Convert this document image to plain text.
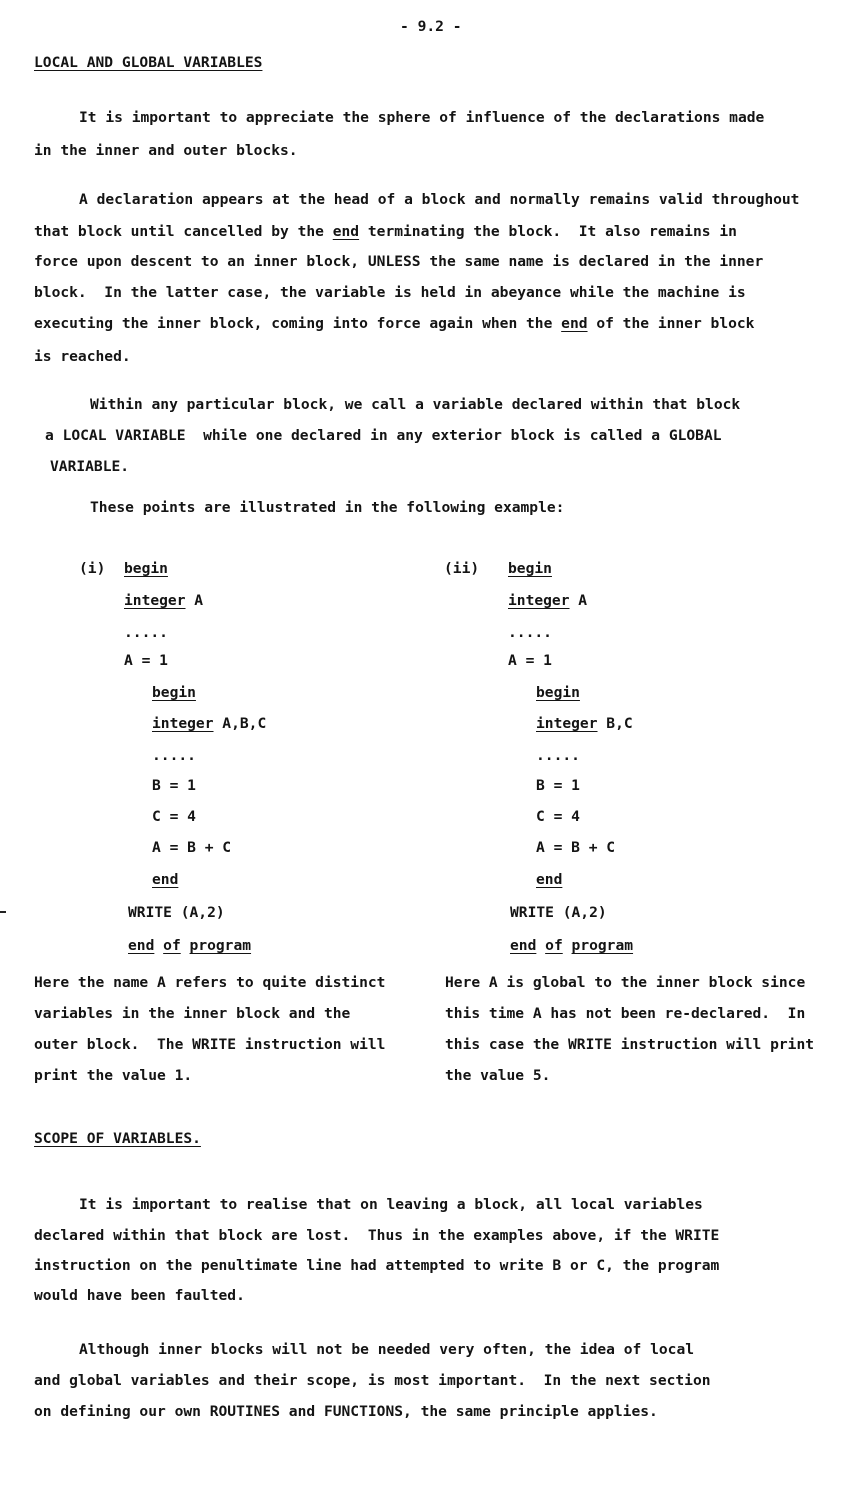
- 9.2 -
LOCAL AND GLOBAL VARIABLES
It is important to appreciate the sphere of influence of the declarations made
in the inner and outer blocks.
A declaration appears at the head of a block and normally remains valid throughout
that block until cancelled by the end terminating the block.  It also remains in
force upon descent to an inner block, UNLESS the same name is declared in the inner
block.  In the latter case, the variable is held in abeyance while the machine is
executing the inner block, coming into force again when the end of the inner block
is reached.
Within any particular block, we call a variable declared within that block
a LOCAL VARIABLE  while one declared in any exterior block is called a GLOBAL
VARIABLE.
These points are illustrated in the following example:
(i) begin
integer A
.....
A = 1
begin
integer A,B,C
.....
B = 1
C = 4
A = B + C
end
WRITE (A,2)
end of program
Here the name A refers to quite distinct
variables in the inner block and the
outer block.  The WRITE instruction will
print the value 1.
(ii) begin
integer A
.....
A = 1
begin
integer B,C
.....
B = 1
C = 4
A = B + C
end
WRITE (A,2)
end of program
Here A is global to the inner block since
this time A has not been re-declared.  In
this case the WRITE instruction will print
the value 5.
SCOPE OF VARIABLES.
It is important to realise that on leaving a block, all local variables
declared within that block are lost.  Thus in the examples above, if the WRITE
instruction on the penultimate line had attempted to write B or C, the program
would have been faulted.
Although inner blocks will not be needed very often, the idea of local
and global variables and their scope, is most important.  In the next section
on defining our own ROUTINES and FUNCTIONS, the same principle applies.
